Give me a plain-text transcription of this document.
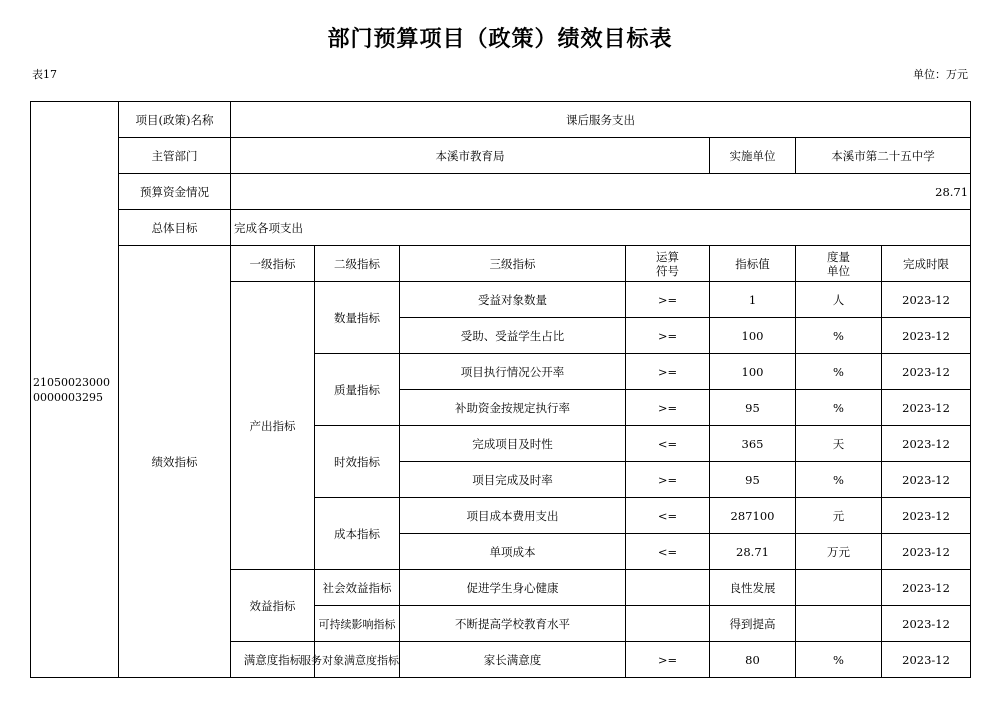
部门预算项目（政策）绩效目标表
表17	单位：万元
210500230000000003295	项目(政策)名称	课后服务支出						
	主管部门	本溪市教育局				实施单位	本溪市第二十五中学	
	预算资金情况	28.71						
	总体目标	完成各项支出						
	绩效指标	一级指标	二级指标	三级指标	运算符号	指标值	度量单位	完成时限
		产出指标	数量指标	受益对象数量	>=	1	人	2023-12
				受助、受益学生占比	>=	100	%	2023-12
			质量指标	项目执行情况公开率	>=	100	%	2023-12
				补助资金按规定执行率	>=	95	%	2023-12
			时效指标	完成项目及时性	<=	365	天	2023-12
				项目完成及时率	>=	95	%	2023-12
			成本指标	项目成本费用支出	<=	287100	元	2023-12
				单项成本	<=	28.71	万元	2023-12
		效益指标	社会效益指标	促进学生身心健康		良性发展		2023-12
			可持续影响指标	不断提高学校教育水平		得到提高		2023-12
		满意度指标	服务对象满意度指标	家长满意度	>=	80	%	2023-12
